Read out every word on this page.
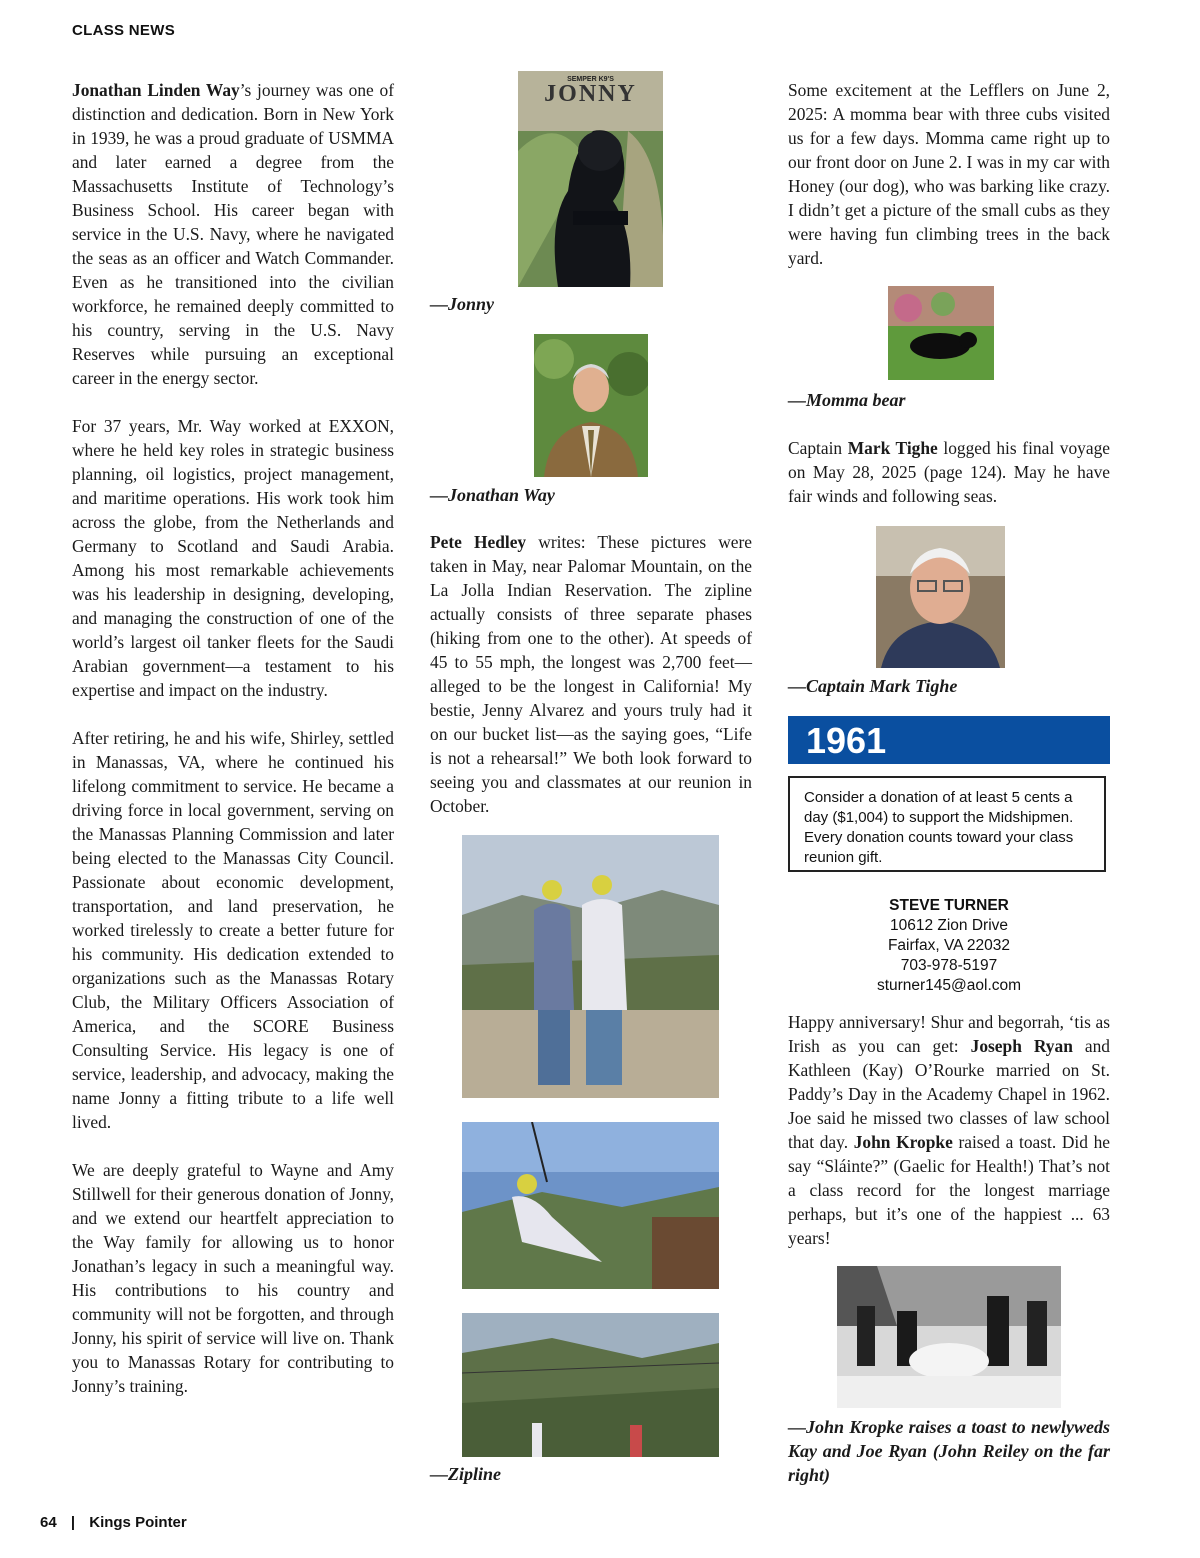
CLASS NEWS

Jonathan Linden Way’s journey was one of distinction and dedication. Born in New York in 1939, he was a proud graduate of USMMA and later earned a degree from the Massachusetts Institute of Technology’s Business School. His career began with service in the U.S. Navy, where he navigated the seas as an officer and Watch Commander. Even as he transitioned into the civilian workforce, he remained deeply committed to his country, serving in the U.S. Navy Reserves while pursuing an exceptional career in the energy sector.

For 37 years, Mr. Way worked at EXXON, where he held key roles in strategic business planning, oil logistics, project management, and maritime operations. His work took him across the globe, from the Netherlands and Germany to Scotland and Saudi Arabia. Among his most remarkable achievements was his leadership in designing, developing, and managing the construction of one of the world’s largest oil tanker fleets for the Saudi Arabian government—a testament to his expertise and impact on the industry.

After retiring, he and his wife, Shirley, settled in Manassas, VA, where he continued his lifelong commitment to service. He became a driving force in local government, serving on the Manassas Planning Commission and later being elected to the Manassas City Council. Passionate about economic development, transportation, and land preservation, he worked tirelessly to create a better future for his community. His dedication extended to organizations such as the Manassas Rotary Club, the Military Officers Association of America, and the SCORE Business Consulting Service. His legacy is one of service, leadership, and advocacy, making the name Jonny a fitting tribute to a life well lived.

We are deeply grateful to Wayne and Amy Stillwell for their generous donation of Jonny, and we extend our heartfelt appreciation to the Way family for allowing us to honor Jonathan’s legacy in such a meaningful way. His contributions to his country and community will not be forgotten, and through Jonny, his spirit of service will live on. Thank you to Manassas Rotary for contributing to Jonny’s training.

SEMPER K9'S
JONNY
—Jonny
—Jonathan Way

Pete Hedley writes: These pictures were taken in May, near Palomar Mountain, on the La Jolla Indian Reservation. The zipline actually consists of three separate phases (hiking from one to the other). At speeds of 45 to 55 mph, the longest was 2,700 feet—alleged to be the longest in California! My bestie, Jenny Alvarez and yours truly had it on our bucket list—as the saying goes, “Life is not a rehearsal!” We both look forward to seeing you and classmates at our reunion in October.

—Zipline

Some excitement at the Lefflers on June 2, 2025: A momma bear with three cubs visited us for a few days. Momma came right up to our front door on June 2. I was in my car with Honey (our dog), who was barking like crazy. I didn’t get a picture of the small cubs as they were having fun climbing trees in the back yard.

—Momma bear

Captain Mark Tighe logged his final voyage on May 28, 2025 (page 124). May he have fair winds and following seas.

—Captain Mark Tighe
1961
Consider a donation of at least 5 cents a day ($1,004) to support the Midshipmen. Every donation counts toward your class reunion gift.
STEVE TURNER
10612 Zion Drive
Fairfax, VA 22032
703-978-5197
sturner145@aol.com

Happy anniversary! Shur and begorrah, ‘tis as Irish as you can get: Joseph Ryan and Kathleen (Kay) O’Rourke married on St. Paddy’s Day in the Academy Chapel in 1962. Joe said he missed two classes of law school that day. John Kropke raised a toast. Did he say “Sláinte?” (Gaelic for Health!) That’s not a class record for the longest marriage perhaps, but it’s one of the happiest ... 63 years!

—John Kropke raises a toast to newlyweds Kay and Joe Ryan (John Reiley on the far right)
64 | Kings Pointer
